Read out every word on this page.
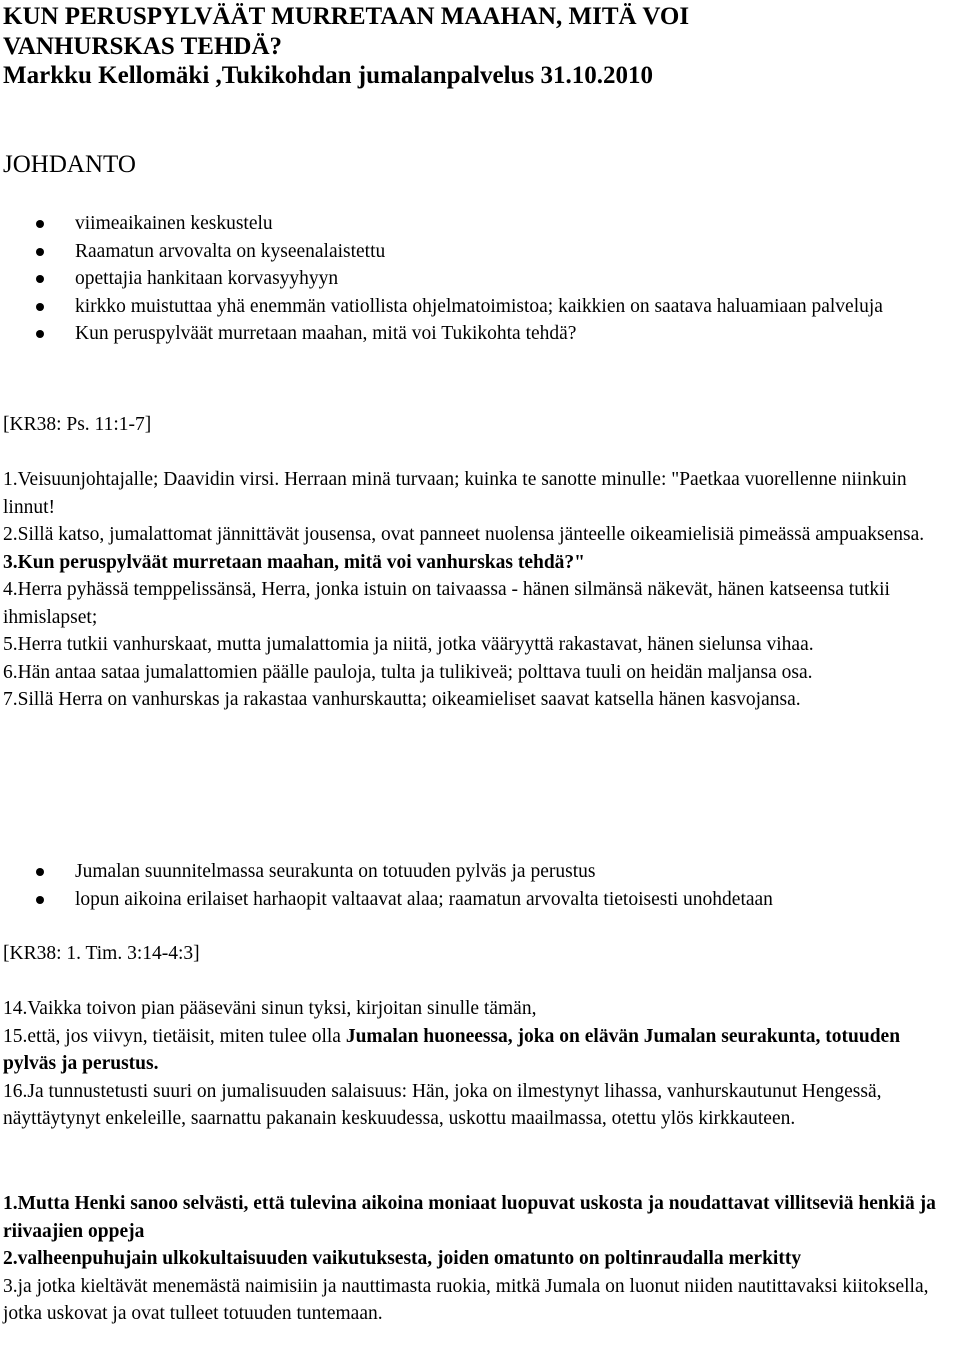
KUN PERUSPYLVÄÄT MURRETAAN MAAHAN, MITÄ VOI
VANHURSKAS TEHDÄ?
Markku Kellomäki ,Tukikohdan jumalanpalvelus 31.10.2010
JOHDANTO
viimeaikainen keskustelu
Raamatun arvovalta on kyseenalaistettu
opettajia hankitaan korvasyyhyyn
kirkko muistuttaa yhä enemmän vatiollista ohjelmatoimistoa; kaikkien on saatava haluamiaan palveluja
Kun peruspylväät murretaan maahan, mitä voi Tukikohta tehdä?

[KR38: Ps. 11:1-7]

1.Veisuunjohtajalle; Daavidin virsi. Herraan minä turvaan; kuinka te sanotte minulle: "Paetkaa vuorellenne niinkuin linnut!

2.Sillä katso, jumalattomat jännittävät jousensa, ovat panneet nuolensa jänteelle oikeamielisiä pimeässä ampuaksensa.

3.Kun peruspylväät murretaan maahan, mitä voi vanhurskas tehdä?"

4.Herra pyhässä temppelissänsä, Herra, jonka istuin on taivaassa - hänen silmänsä näkevät, hänen katseensa tutkii ihmislapset;

5.Herra tutkii vanhurskaat, mutta jumalattomia ja niitä, jotka vääryyttä rakastavat, hänen sielunsa vihaa.

6.Hän antaa sataa jumalattomien päälle pauloja, tulta ja tulikiveä; polttava tuuli on heidän maljansa osa.

7.Sillä Herra on vanhurskas ja rakastaa vanhurskautta; oikeamieliset saavat katsella hänen kasvojansa.

Jumalan suunnitelmassa seurakunta on totuuden pylväs ja perustus
lopun aikoina erilaiset harhaopit valtaavat alaa; raamatun arvovalta tietoisesti unohdetaan

[KR38: 1. Tim. 3:14-4:3]

14.Vaikka toivon pian pääseväni sinun tyksi, kirjoitan sinulle tämän,

15.että, jos viivyn, tietäisit, miten tulee olla Jumalan huoneessa, joka on elävän Jumalan seurakunta, totuuden pylväs ja perustus.

16.Ja tunnustetusti suuri on jumalisuuden salaisuus: Hän, joka on ilmestynyt lihassa, vanhurskautunut Hengessä, näyttäytynyt enkeleille, saarnattu pakanain keskuudessa, uskottu maailmassa, otettu ylös kirkkauteen.

1.Mutta Henki sanoo selvästi, että tulevina aikoina moniaat luopuvat uskosta ja noudattavat villitseviä henkiä ja riivaajien oppeja

2.valheenpuhujain ulkokultaisuuden vaikutuksesta, joiden omatunto on poltinraudalla merkitty

3.ja jotka kieltävät menemästä naimisiin ja nauttimasta ruokia, mitkä Jumala on luonut niiden nautittavaksi kiitoksella, jotka uskovat ja ovat tulleet totuuden tuntemaan.
